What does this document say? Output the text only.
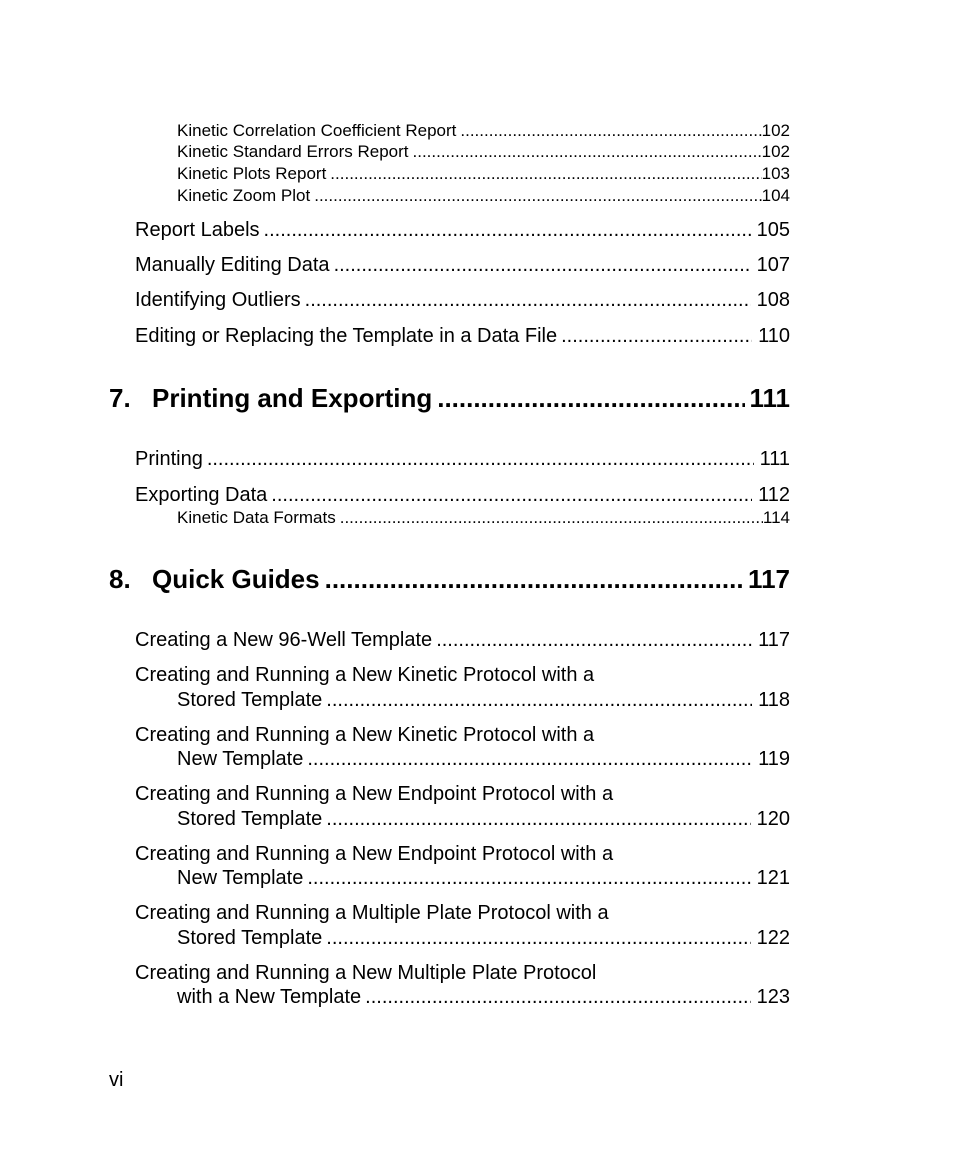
Kinetic Correlation Coefficient Report .....	102
Kinetic Standard Errors Report .....	102
Kinetic Plots Report .....	103
Kinetic Zoom Plot .....	104
Report Labels .....	105
Manually Editing Data .....	107
Identifying Outliers .....	108
Editing or Replacing the Template in a Data File .....	110
7. Printing and Exporting .....	111
Printing .....	111
Exporting Data .....	112
Kinetic Data Formats .....	114
8. Quick Guides .....	117
Creating a New 96-Well Template .....	117
Creating and Running a New Kinetic Protocol with a
Stored Template .....	118
Creating and Running a New Kinetic Protocol with a
New Template .....	119
Creating and Running a New Endpoint Protocol with a
Stored Template .....	120
Creating and Running a New Endpoint Protocol with a
New Template .....	121
Creating and Running a Multiple Plate Protocol with a
Stored Template .....	122
Creating and Running a New Multiple Plate Protocol
with a New Template .....	123
vi
